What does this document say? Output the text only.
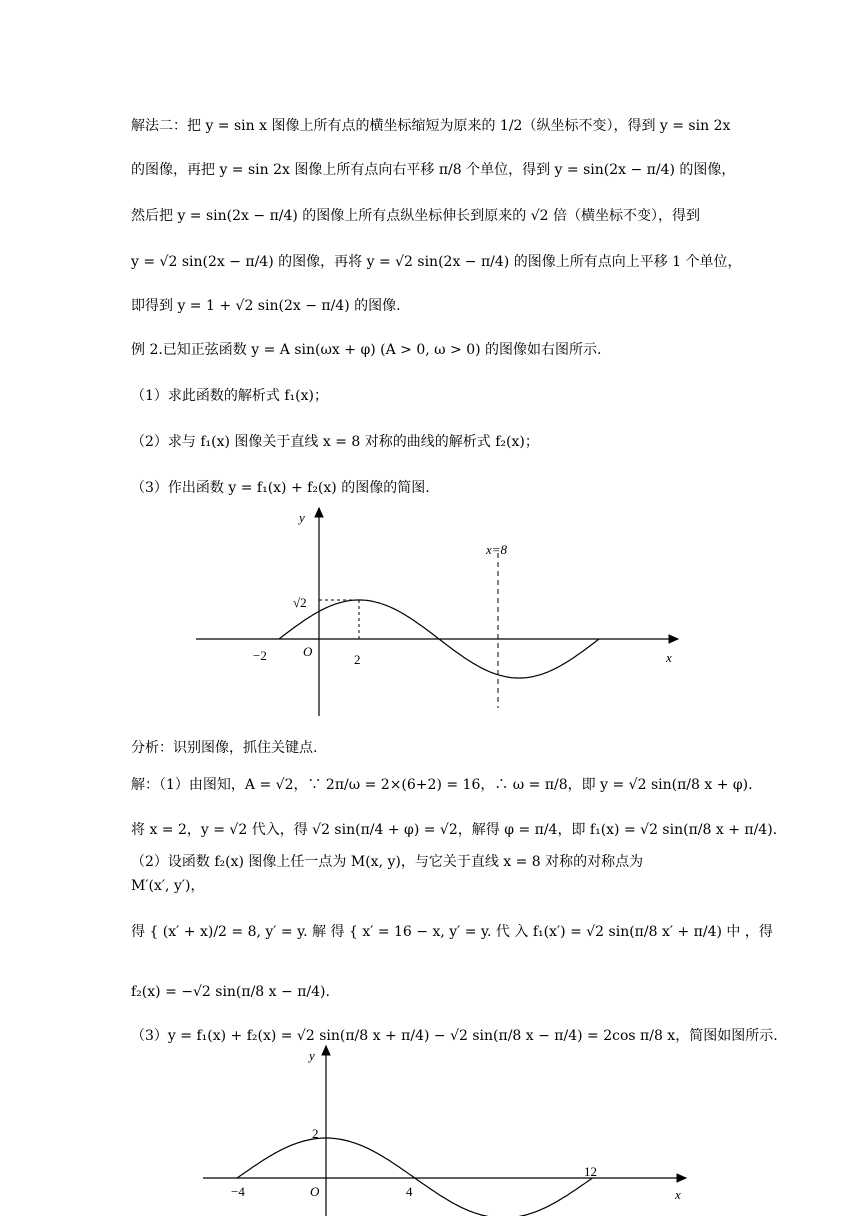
解法二：把 y = sin x 图像上所有点的横坐标缩短为原来的 1/2（纵坐标不变），得到 y = sin 2x
的图像，再把 y = sin 2x 图像上所有点向右平移 π/8 个单位，得到 y = sin(2x − π/4) 的图像，
然后把 y = sin(2x − π/4) 的图像上所有点纵坐标伸长到原来的 √2 倍（横坐标不变），得到
y = √2 sin(2x − π/4) 的图像，再将 y = √2 sin(2x − π/4) 的图像上所有点向上平移 1 个单位，
即得到 y = 1 + √2 sin(2x − π/4) 的图像.
例 2.已知正弦函数 y = A sin(ωx + φ) (A > 0, ω > 0) 的图像如右图所示.
（1）求此函数的解析式 f₁(x)；
（2）求与 f₁(x) 图像关于直线 x = 8 对称的曲线的解析式 f₂(x)；
（3）作出函数 y = f₁(x) + f₂(x) 的图像的简图.
y
x
O
x=8
√2
−2	2
分析：识别图像，抓住关键点.
解：（1）由图知，A = √2，∵ 2π/ω = 2×(6+2) = 16，∴ ω = π/8，即 y = √2 sin(π/8 x + φ).
将 x = 2，y = √2 代入，得 √2 sin(π/4 + φ) = √2，解得 φ = π/4，即 f₁(x) = √2 sin(π/8 x + π/4).
（2）设函数 f₂(x) 图像上任一点为 M(x, y)，与它关于直线 x = 8 对称的对称点为
M′(x′, y′)，
得 { (x′ + x)/2 = 8, y′ = y. 解 得 { x′ = 16 − x, y′ = y. 代 入 f₁(x′) = √2 sin(π/8 x′ + π/4) 中 ，得
f₂(x) = −√2 sin(π/8 x − π/4).
（3）y = f₁(x) + f₂(x) = √2 sin(π/8 x + π/4) − √2 sin(π/8 x − π/4) = 2cos π/8 x，简图如图所示.
y
x
O
2
−4	4
12
